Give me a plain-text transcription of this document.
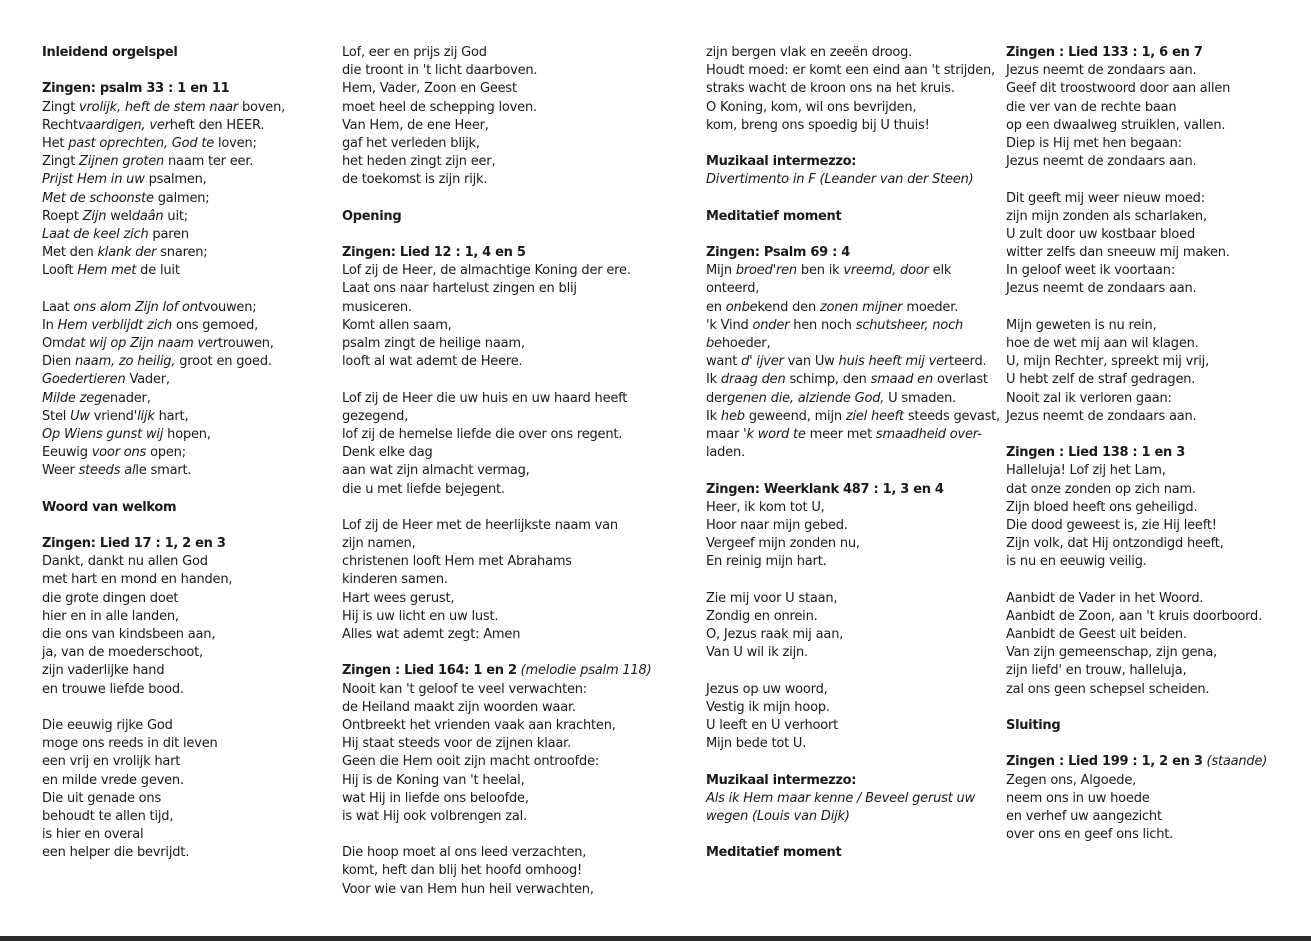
Inleidend orgelspel
Zingen: psalm 33 : 1 en 11
Zingt vrolijk, heft de stem naar boven,
Rechtvaardigen, verheft den HEER.
Het past oprechten, God te loven;
Zingt Zijnen groten naam ter eer.
Prijst Hem in uw psalmen,
Met de schoonste galmen;
Roept Zijn weldaân uit;
Laat de keel zich paren
Met den klank der snaren;
Looft Hem met de luit
Laat ons alom Zijn lof ontvouwen;
In Hem verblijdt zich ons gemoed,
Omdat wij op Zijn naam vertrouwen,
Dien naam, zo heilig, groot en goed.
Goedertieren Vader,
Milde zegenader,
Stel Uw vriend'lijk hart,
Op Wiens gunst wij hopen,
Eeuwig voor ons open;
Weer steeds alle smart.
Woord van welkom
Zingen: Lied 17 : 1, 2 en 3
Dankt, dankt nu allen God
met hart en mond en handen,
die grote dingen doet
hier en in alle landen,
die ons van kindsbeen aan,
ja, van de moederschoot,
zijn vaderlijke hand
en trouwe liefde bood.
Die eeuwig rijke God
moge ons reeds in dit leven
een vrij en vrolijk hart
en milde vrede geven.
Die uit genade ons
behoudt te allen tijd,
is hier en overal
een helper die bevrijdt.
Lof, eer en prijs zij God
die troont in 't licht daarboven.
Hem, Vader, Zoon en Geest
moet heel de schepping loven.
Van Hem, de ene Heer,
gaf het verleden blijk,
het heden zingt zijn eer,
de toekomst is zijn rijk.
Opening
Zingen: Lied 12 : 1, 4 en 5
Lof zij de Heer, de almachtige Koning der ere.
Laat ons naar hartelust zingen en blij
musiceren.
Komt allen saam,
psalm zingt de heilige naam,
looft al wat ademt de Heere.
Lof zij de Heer die uw huis en uw haard heeft
gezegend,
lof zij de hemelse liefde die over ons regent.
Denk elke dag
aan wat zijn almacht vermag,
die u met liefde bejegent.
Lof zij de Heer met de heerlijkste naam van
zijn namen,
christenen looft Hem met Abrahams
kinderen samen.
Hart wees gerust,
Hij is uw licht en uw lust.
Alles wat ademt zegt: Amen
Zingen : Lied 164: 1 en 2 (melodie psalm 118)
Nooit kan 't geloof te veel verwachten:
de Heiland maakt zijn woorden waar.
Ontbreekt het vrienden vaak aan krachten,
Hij staat steeds voor de zijnen klaar.
Geen die Hem ooit zijn macht ontroofde:
Hij is de Koning van 't heelal,
wat Hij in liefde ons beloofde,
is wat Hij ook volbrengen zal.
Die hoop moet al ons leed verzachten,
komt, heft dan blij het hoofd omhoog!
Voor wie van Hem hun heil verwachten,
zijn bergen vlak en zeeën droog.
Houdt moed: er komt een eind aan 't strijden,
straks wacht de kroon ons na het kruis.
O Koning, kom, wil ons bevrijden,
kom, breng ons spoedig bij U thuis!
Muzikaal intermezzo:
Divertimento in F (Leander van der Steen)
Meditatief moment
Zingen: Psalm 69 : 4
Mijn broed'ren ben ik vreemd, door elk
onteerd,
en onbekend den zonen mijner moeder.
'k Vind onder hen noch schutsheer, noch
behoeder,
want d' ijver van Uw huis heeft mij verteerd.
Ik draag den schimp, den smaad en overlast
dergenen die, alziende God, U smaden.
Ik heb geweend, mijn ziel heeft steeds gevast,
maar 'k word te meer met smaadheid over-
laden.
Zingen: Weerklank 487 : 1, 3 en 4
Heer, ik kom tot U,
Hoor naar mijn gebed.
Vergeef mijn zonden nu,
En reinig mijn hart.
Zie mij voor U staan,
Zondig en onrein.
O, Jezus raak mij aan,
Van U wil ik zijn.
Jezus op uw woord,
Vestig ik mijn hoop.
U leeft en U verhoort
Mijn bede tot U.
Muzikaal intermezzo:
Als ik Hem maar kenne / Beveel gerust uw
wegen (Louis van Dijk)
Meditatief moment
Zingen : Lied 133 : 1, 6 en 7
Jezus neemt de zondaars aan.
Geef dit troostwoord door aan allen
die ver van de rechte baan
op een dwaalweg struiklen, vallen.
Diep is Hij met hen begaan:
Jezus neemt de zondaars aan.
Dit geeft mij weer nieuw moed:
zijn mijn zonden als scharlaken,
U zult door uw kostbaar bloed
witter zelfs dan sneeuw mij maken.
In geloof weet ik voortaan:
Jezus neemt de zondaars aan.
Mijn geweten is nu rein,
hoe de wet mij aan wil klagen.
U, mijn Rechter, spreekt mij vrij,
U hebt zelf de straf gedragen.
Nooit zal ik verloren gaan:
Jezus neemt de zondaars aan.
Zingen : Lied 138 : 1 en 3
Halleluja! Lof zij het Lam,
dat onze zonden op zich nam.
Zijn bloed heeft ons geheiligd.
Die dood geweest is, zie Hij leeft!
Zijn volk, dat Hij ontzondigd heeft,
is nu en eeuwig veilig.
Aanbidt de Vader in het Woord.
Aanbidt de Zoon, aan 't kruis doorboord.
Aanbidt de Geest uit beiden.
Van zijn gemeenschap, zijn gena,
zijn liefd' en trouw, halleluja,
zal ons geen schepsel scheiden.
Sluiting
Zingen : Lied 199 : 1, 2 en 3 (staande)
Zegen ons, Algoede,
neem ons in uw hoede
en verhef uw aangezicht
over ons en geef ons licht.
